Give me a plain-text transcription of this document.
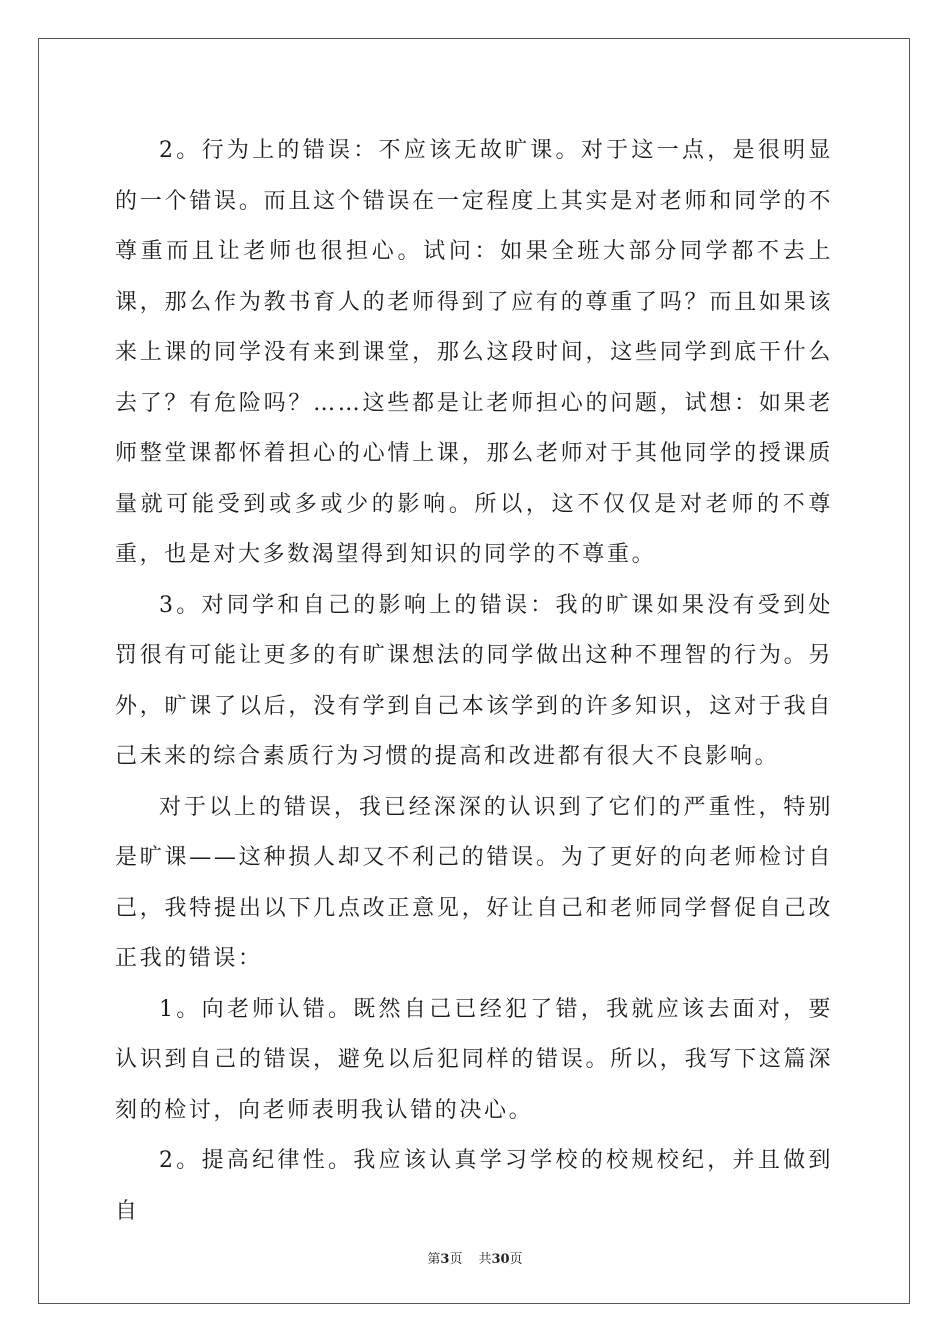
2。行为上的错误：不应该无故旷课。对于这一点，是很明显的一个错误。而且这个错误在一定程度上其实是对老师和同学的不尊重而且让老师也很担心。试问：如果全班大部分同学都不去上课，那么作为教书育人的老师得到了应有的尊重了吗？而且如果该来上课的同学没有来到课堂，那么这段时间，这些同学到底干什么去了？有危险吗？……这些都是让老师担心的问题，试想：如果老师整堂课都怀着担心的心情上课，那么老师对于其他同学的授课质量就可能受到或多或少的影响。所以，这不仅仅是对老师的不尊重，也是对大多数渴望得到知识的同学的不尊重。

3。对同学和自己的影响上的错误：我的旷课如果没有受到处罚很有可能让更多的有旷课想法的同学做出这种不理智的行为。另外，旷课了以后，没有学到自己本该学到的许多知识，这对于我自己未来的综合素质行为习惯的提高和改进都有很大不良影响。

对于以上的错误，我已经深深的认识到了它们的严重性，特别是旷课——这种损人却又不利己的错误。为了更好的向老师检讨自己，我特提出以下几点改正意见，好让自己和老师同学督促自己改正我的错误：

1。向老师认错。既然自己已经犯了错，我就应该去面对，要认识到自己的错误，避免以后犯同样的错误。所以，我写下这篇深刻的检讨，向老师表明我认错的决心。

2。提高纪律性。我应该认真学习学校的校规校纪，并且做到自

第3页 共30页
